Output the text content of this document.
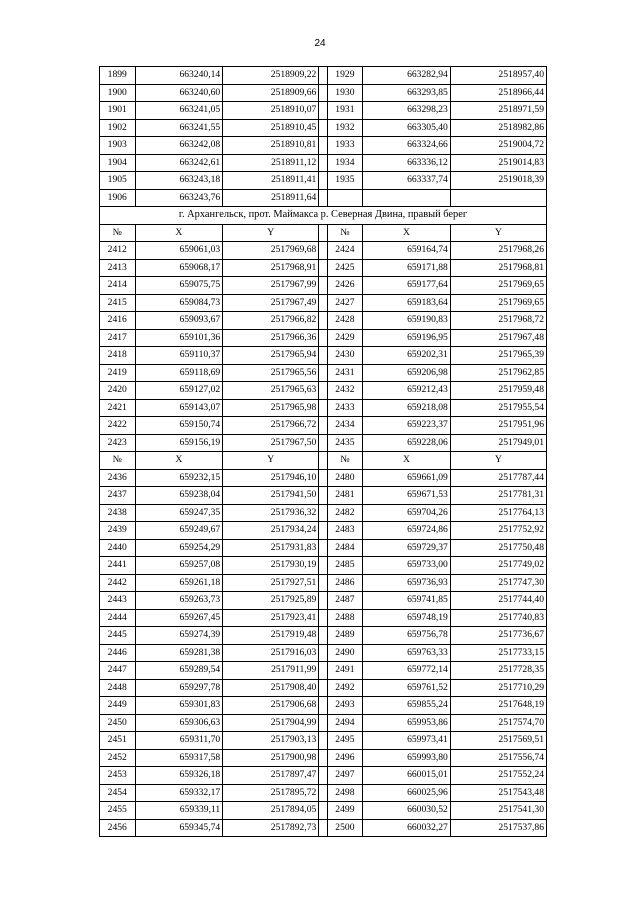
24
1899	663240,14	2518909,22		1929	663282,94	2518957,40
1900	663240,60	2518909,66		1930	663293,85	2518966,44
1901	663241,05	2518910,07		1931	663298,23	2518971,59
1902	663241,55	2518910,45		1932	663305,40	2518982,86
1903	663242,08	2518910,81		1933	663324,66	2519004,72
1904	663242,61	2518911,12		1934	663336,12	2519014,83
1905	663243,18	2518911,41		1935	663337,74	2519018,39
1906	663243,76	2518911,64				
г. Архангельск, прот. Маймакса р. Северная Двина, правый берег						
№	X	Y		№	X	Y
2412	659061,03	2517969,68		2424	659164,74	2517968,26
2413	659068,17	2517968,91		2425	659171,88	2517968,81
2414	659075,75	2517967,99		2426	659177,64	2517969,65
2415	659084,73	2517967,49		2427	659183,64	2517969,65
2416	659093,67	2517966,82		2428	659190,83	2517968,72
2417	659101,36	2517966,36		2429	659196,95	2517967,48
2418	659110,37	2517965,94		2430	659202,31	2517965,39
2419	659118,69	2517965,56		2431	659206,98	2517962,85
2420	659127,02	2517965,63		2432	659212,43	2517959,48
2421	659143,07	2517965,98		2433	659218,08	2517955,54
2422	659150,74	2517966,72		2434	659223,37	2517951,96
2423	659156,19	2517967,50		2435	659228,06	2517949,01
№	X	Y		№	X	Y
2436	659232,15	2517946,10		2480	659661,09	2517787,44
2437	659238,04	2517941,50		2481	659671,53	2517781,31
2438	659247,35	2517936,32		2482	659704,26	2517764,13
2439	659249,67	2517934,24		2483	659724,86	2517752,92
2440	659254,29	2517931,83		2484	659729,37	2517750,48
2441	659257,08	2517930,19		2485	659733,00	2517749,02
2442	659261,18	2517927,51		2486	659736,93	2517747,30
2443	659263,73	2517925,89		2487	659741,85	2517744,40
2444	659267,45	2517923,41		2488	659748,19	2517740,83
2445	659274,39	2517919,48		2489	659756,78	2517736,67
2446	659281,38	2517916,03		2490	659763,33	2517733,15
2447	659289,54	2517911,99		2491	659772,14	2517728,35
2448	659297,78	2517908,40		2492	659761,52	2517710,29
2449	659301,83	2517906,68		2493	659855,24	2517648,19
2450	659306,63	2517904,99		2494	659953,86	2517574,70
2451	659311,70	2517903,13		2495	659973,41	2517569,51
2452	659317,58	2517900,98		2496	659993,80	2517556,74
2453	659326,18	2517897,47		2497	660015,01	2517552,24
2454	659332,17	2517895,72		2498	660025,96	2517543,48
2455	659339,11	2517894,05		2499	660030,52	2517541,30
2456	659345,74	2517892,73		2500	660032,27	2517537,86
